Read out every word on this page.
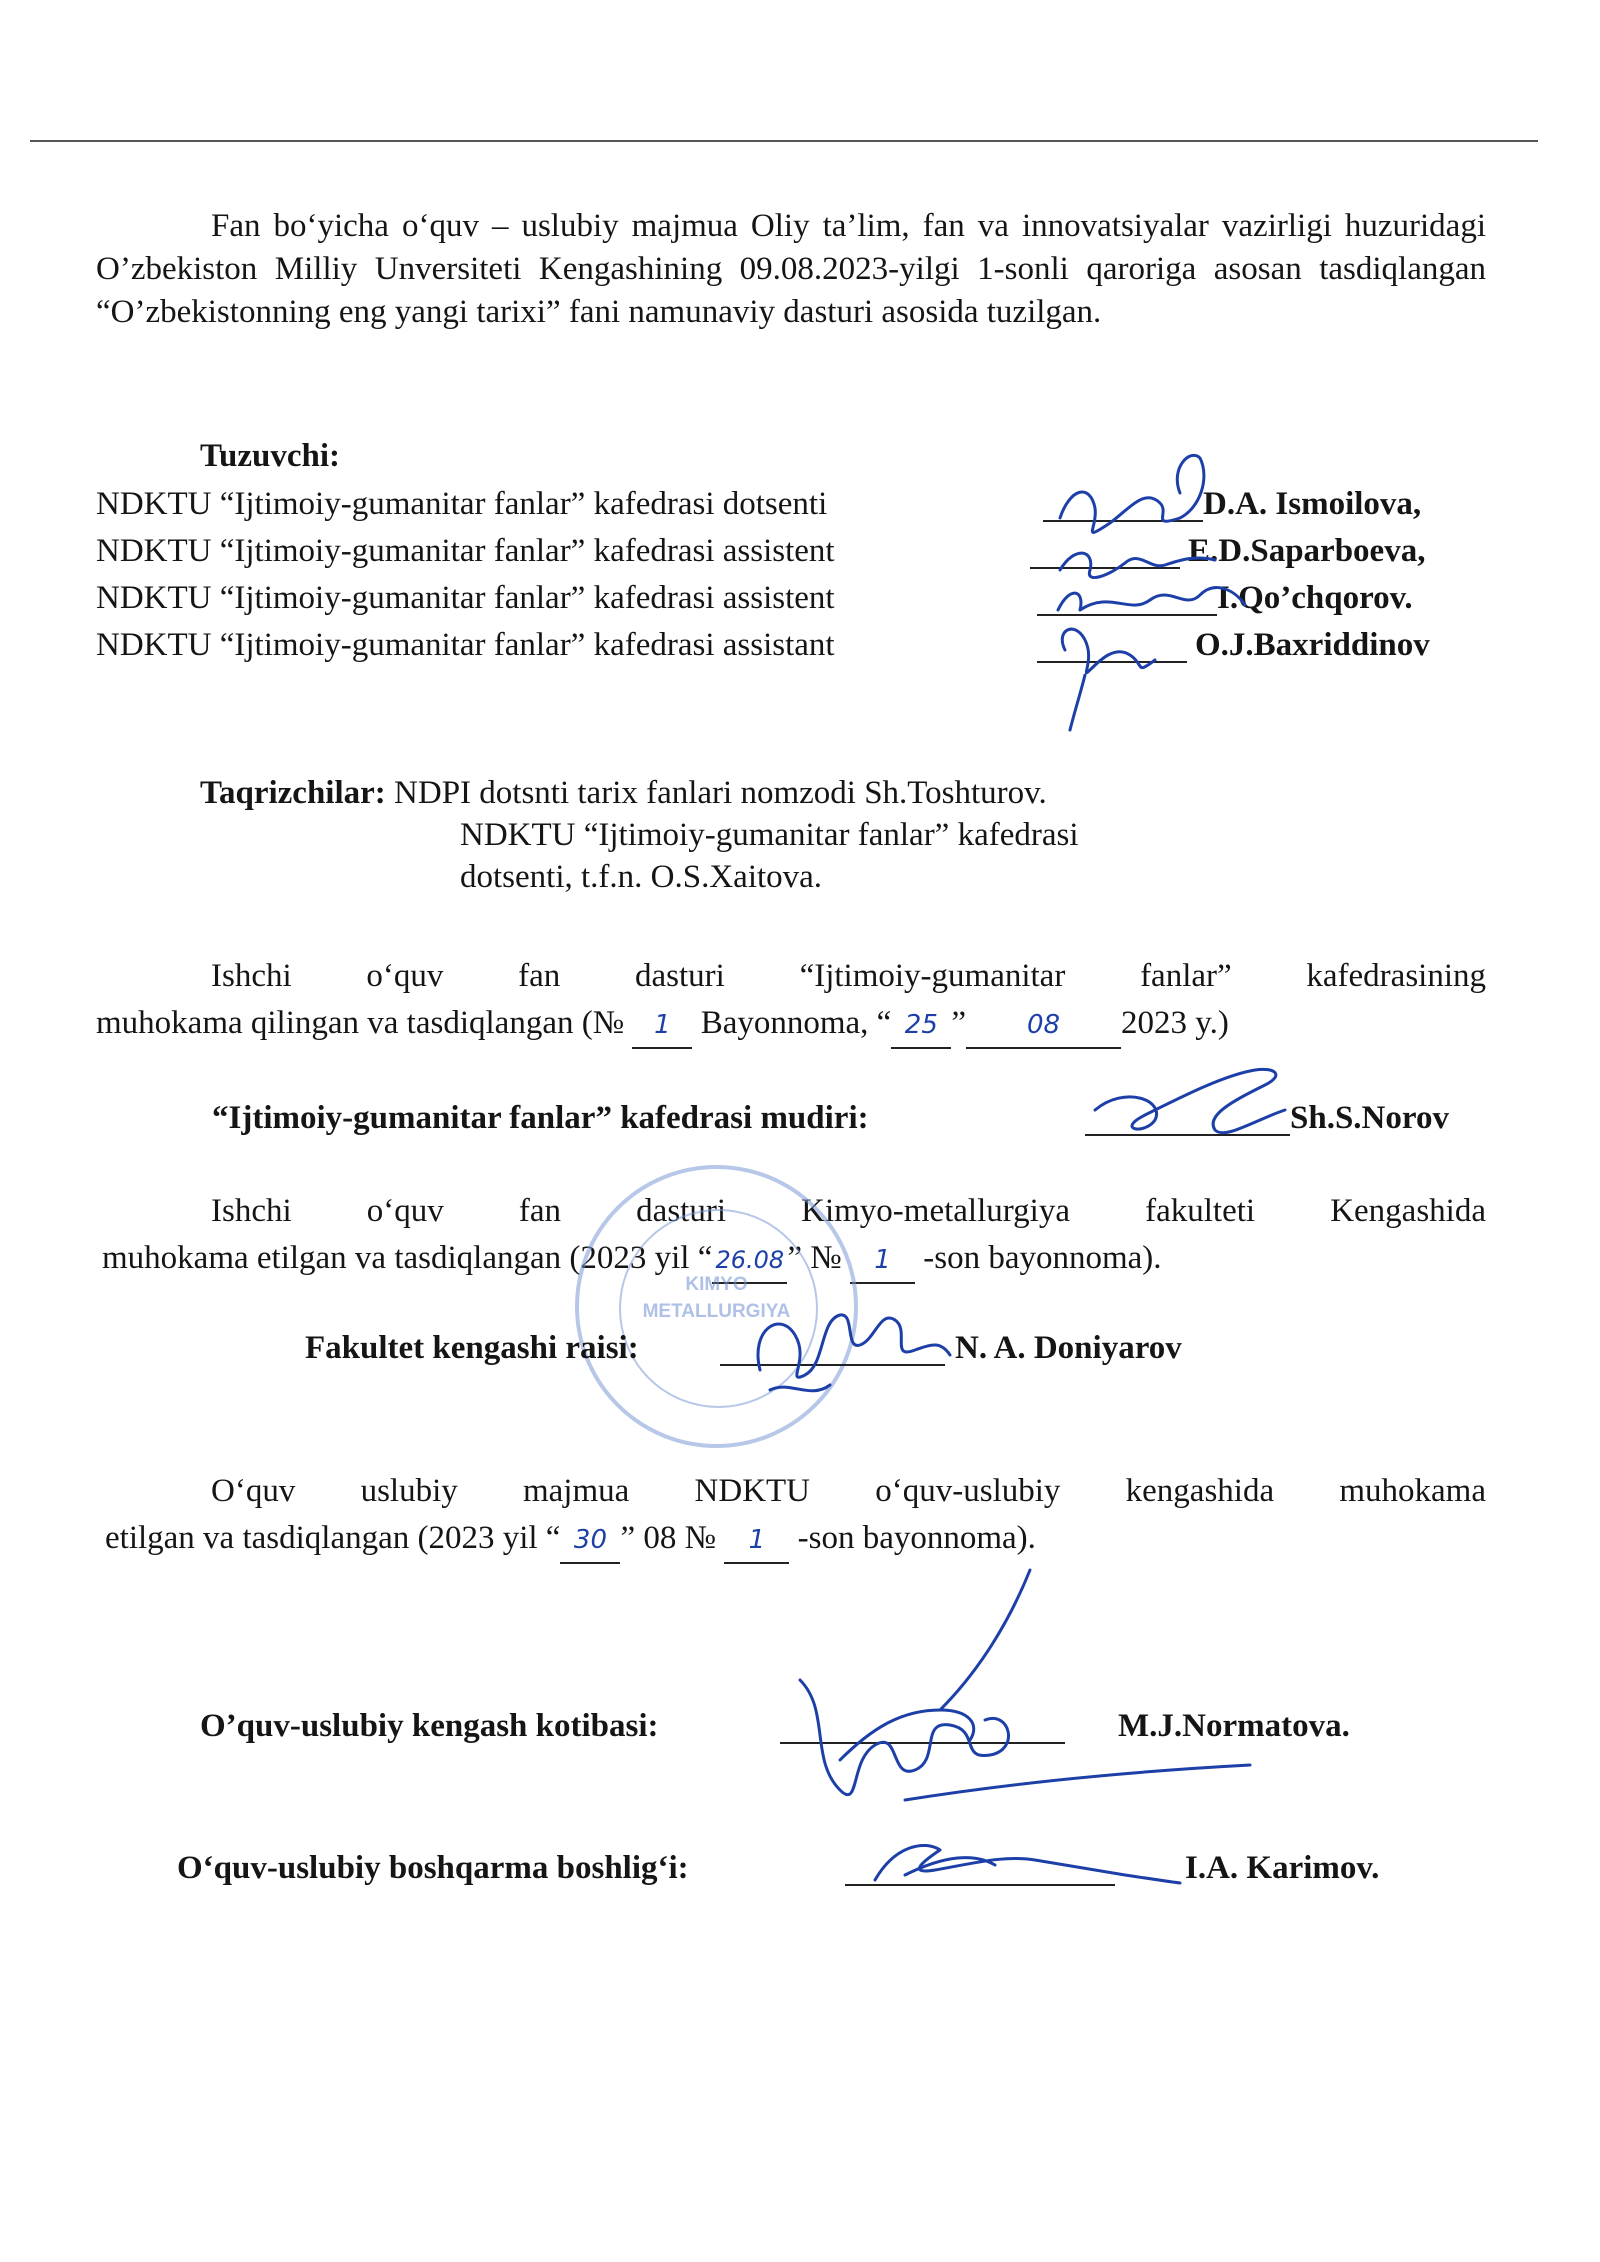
Fan bo‘yicha o‘quv – uslubiy majmua Oliy ta’lim, fan va innovatsiyalar vazirligi huzuridagi O’zbekiston Milliy Unversiteti Kengashining 09.08.2023-yilgi 1-sonli qaroriga asosan tasdiqlangan “O’zbekistonning eng yangi tarixi” fani namunaviy dasturi asosida tuzilgan.

Tuzuvchi:
NDKTU “Ijtimoiy-gumanitar fanlar” kafedrasi dotsenti	D.A. Ismoilova,
NDKTU “Ijtimoiy-gumanitar fanlar” kafedrasi assistent	E.D.Saparboeva,
NDKTU “Ijtimoiy-gumanitar fanlar” kafedrasi assistent	I.Qo’chqorov.
NDKTU “Ijtimoiy-gumanitar fanlar” kafedrasi assistant	O.J.Baxriddinov
Taqrizchilar: NDPI dotsnti tarix fanlari nomzodi Sh.Toshturov.
NDKTU “Ijtimoiy-gumanitar fanlar” kafedrasi
dotsenti, t.f.n. O.S.Xaitova.
Ishchi o‘quv fan dasturi “Ijtimoiy-gumanitar fanlar” kafedrasining
muhokama qilingan va tasdiqlangan (№ 1 Bayonnoma, “ 25 ” 08 2023 y.)
“Ijtimoiy-gumanitar fanlar” kafedrasi mudiri:	Sh.S.Norov
Ishchi o‘quv fan dasturi Kimyo-metallurgiya fakulteti Kengashida
muhokama etilgan va tasdiqlangan (2023 yil “ 26.08” № 1 -son bayonnoma).
KIMYO
METALLURGIYA
Fakultet kengashi raisi:	N. A. Doniyarov
O‘quv uslubiy majmua NDKTU o‘quv-uslubiy kengashida muhokama
etilgan va tasdiqlangan (2023 yil “ 30 ” 08 № 1 -son bayonnoma).
O’quv-uslubiy kengash kotibasi:	M.J.Normatova.
O‘quv-uslubiy boshqarma boshlig‘i:	I.A. Karimov.
